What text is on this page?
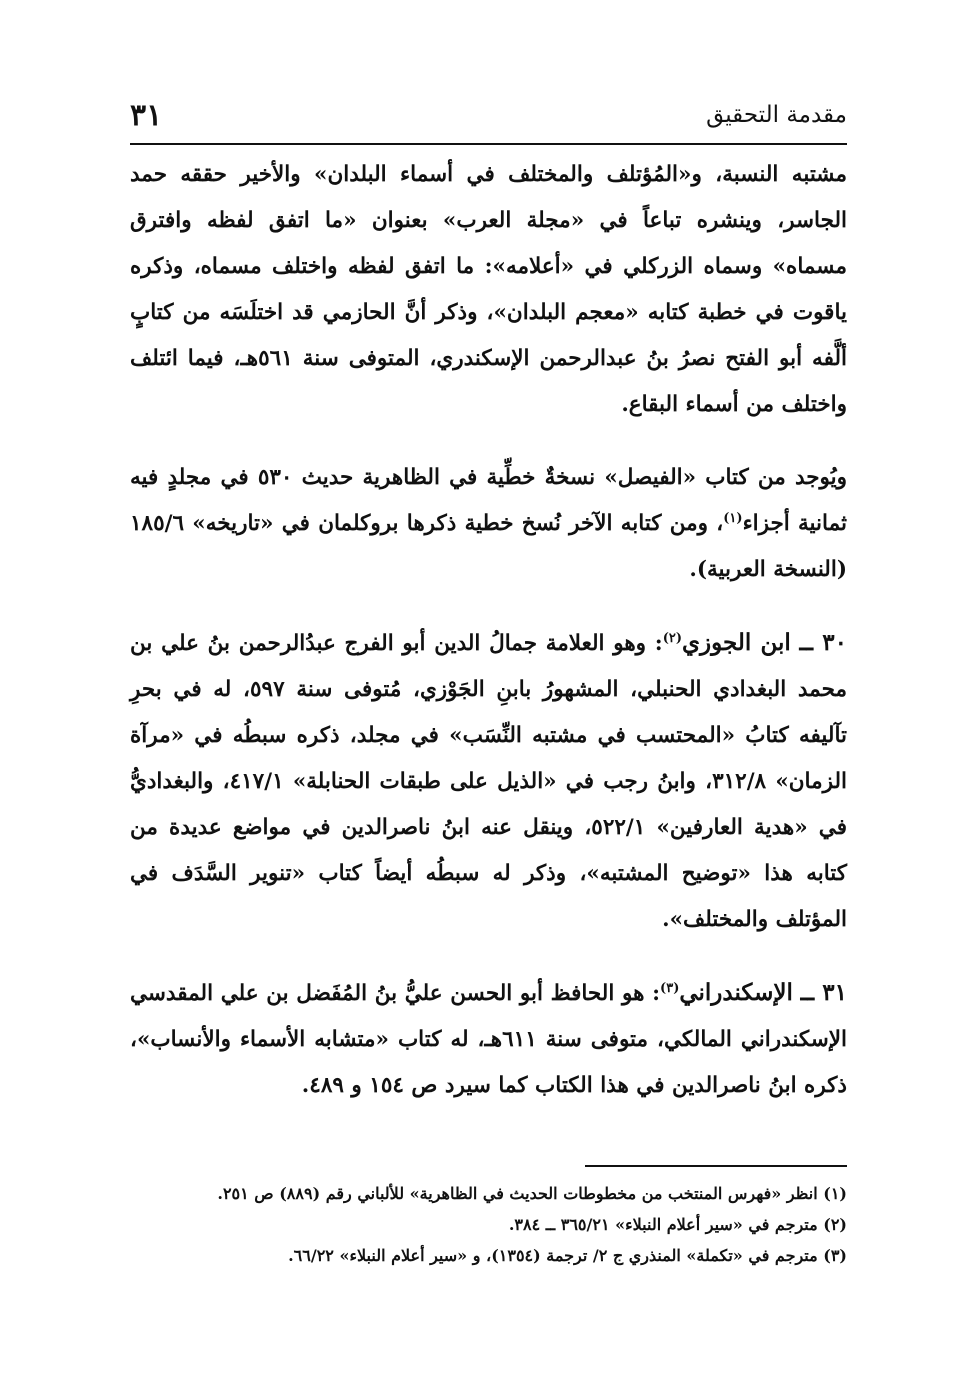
مقدمة التحقيق
٣١

مشتبه النسبة، و«المُؤتلف والمختلف في أسماء البلدان» والأخير حققه حمد الجاسر، وينشره تباعاً في «مجلة العرب» بعنوان «ما اتفق لفظه وافترق مسماه» وسماه الزركلي في «أعلامه»: ما اتفق لفظه واختلف مسماه، وذكره ياقوت في خطبة كتابه «معجم البلدان»، وذكر أنَّ الحازمي قد اختلَسَه من كتابٍ ألَّفه أبو الفتح نصرُ بنُ عبدالرحمن الإسكندري، المتوفى سنة ٥٦١هـ، فيما ائتلف واختلف من أسماء البقاع.

ويُوجد من كتاب «الفيصل» نسخةٌ خطِّية في الظاهرية حديث ٥٣٠ في مجلدٍ فيه ثمانية أجزاء$^{(١)}$، ومن كتابه الآخر نُسخ خطية ذكرها بروكلمان في «تاريخه» ١٨٥/٦ (النسخة العربية).

٣٠ ــ ابن الجوزي$^{(٢)}$: وهو العلامة جمالُ الدين أبو الفرج عبدُالرحمن بنُ علي بن محمد البغدادي الحنبلي، المشهورُ بابنِ الجَوْزي، مُتوفى سنة ٥٩٧، له في بحرِ تآليفه كتابُ «المحتسب في مشتبه النِّسَب» في مجلد، ذكره سبطُه في «مرآة الزمان» ٣١٢/٨، وابنُ رجب في «الذيل على طبقات الحنابلة» ٤١٧/١، والبغداديُّ في «هدية العارفين» ٥٢٢/١، وينقل عنه ابنُ ناصرالدين في مواضع عديدة من كتابه هذا «توضيح المشتبه»، وذكر له سبطُه أيضاً كتاب «تنوير السَّدَف في المؤتلف والمختلف».

٣١ ــ الإسكندراني$^{(٣)}$: هو الحافظ أبو الحسن عليُّ بنُ المُفَضل بن علي المقدسي الإسكندراني المالكي، متوفى سنة ٦١١هـ، له كتاب «متشابه الأسماء والأنساب»، ذكره ابنُ ناصرالدين في هذا الكتاب كما سيرد ص ١٥٤ و ٤٨٩.

(١) انظر «فهرس المنتخب من مخطوطات الحديث في الظاهرية» للألباني رقم (٨٨٩) ص ٢٥١.

(٢) مترجم في «سير أعلام النبلاء» ٣٦٥/٢١ ــ ٣٨٤.

(٣) مترجم في «تكملة» المنذري ج ٢/ ترجمة (١٣٥٤)، و «سير أعلام النبلاء» ٦٦/٢٢.
